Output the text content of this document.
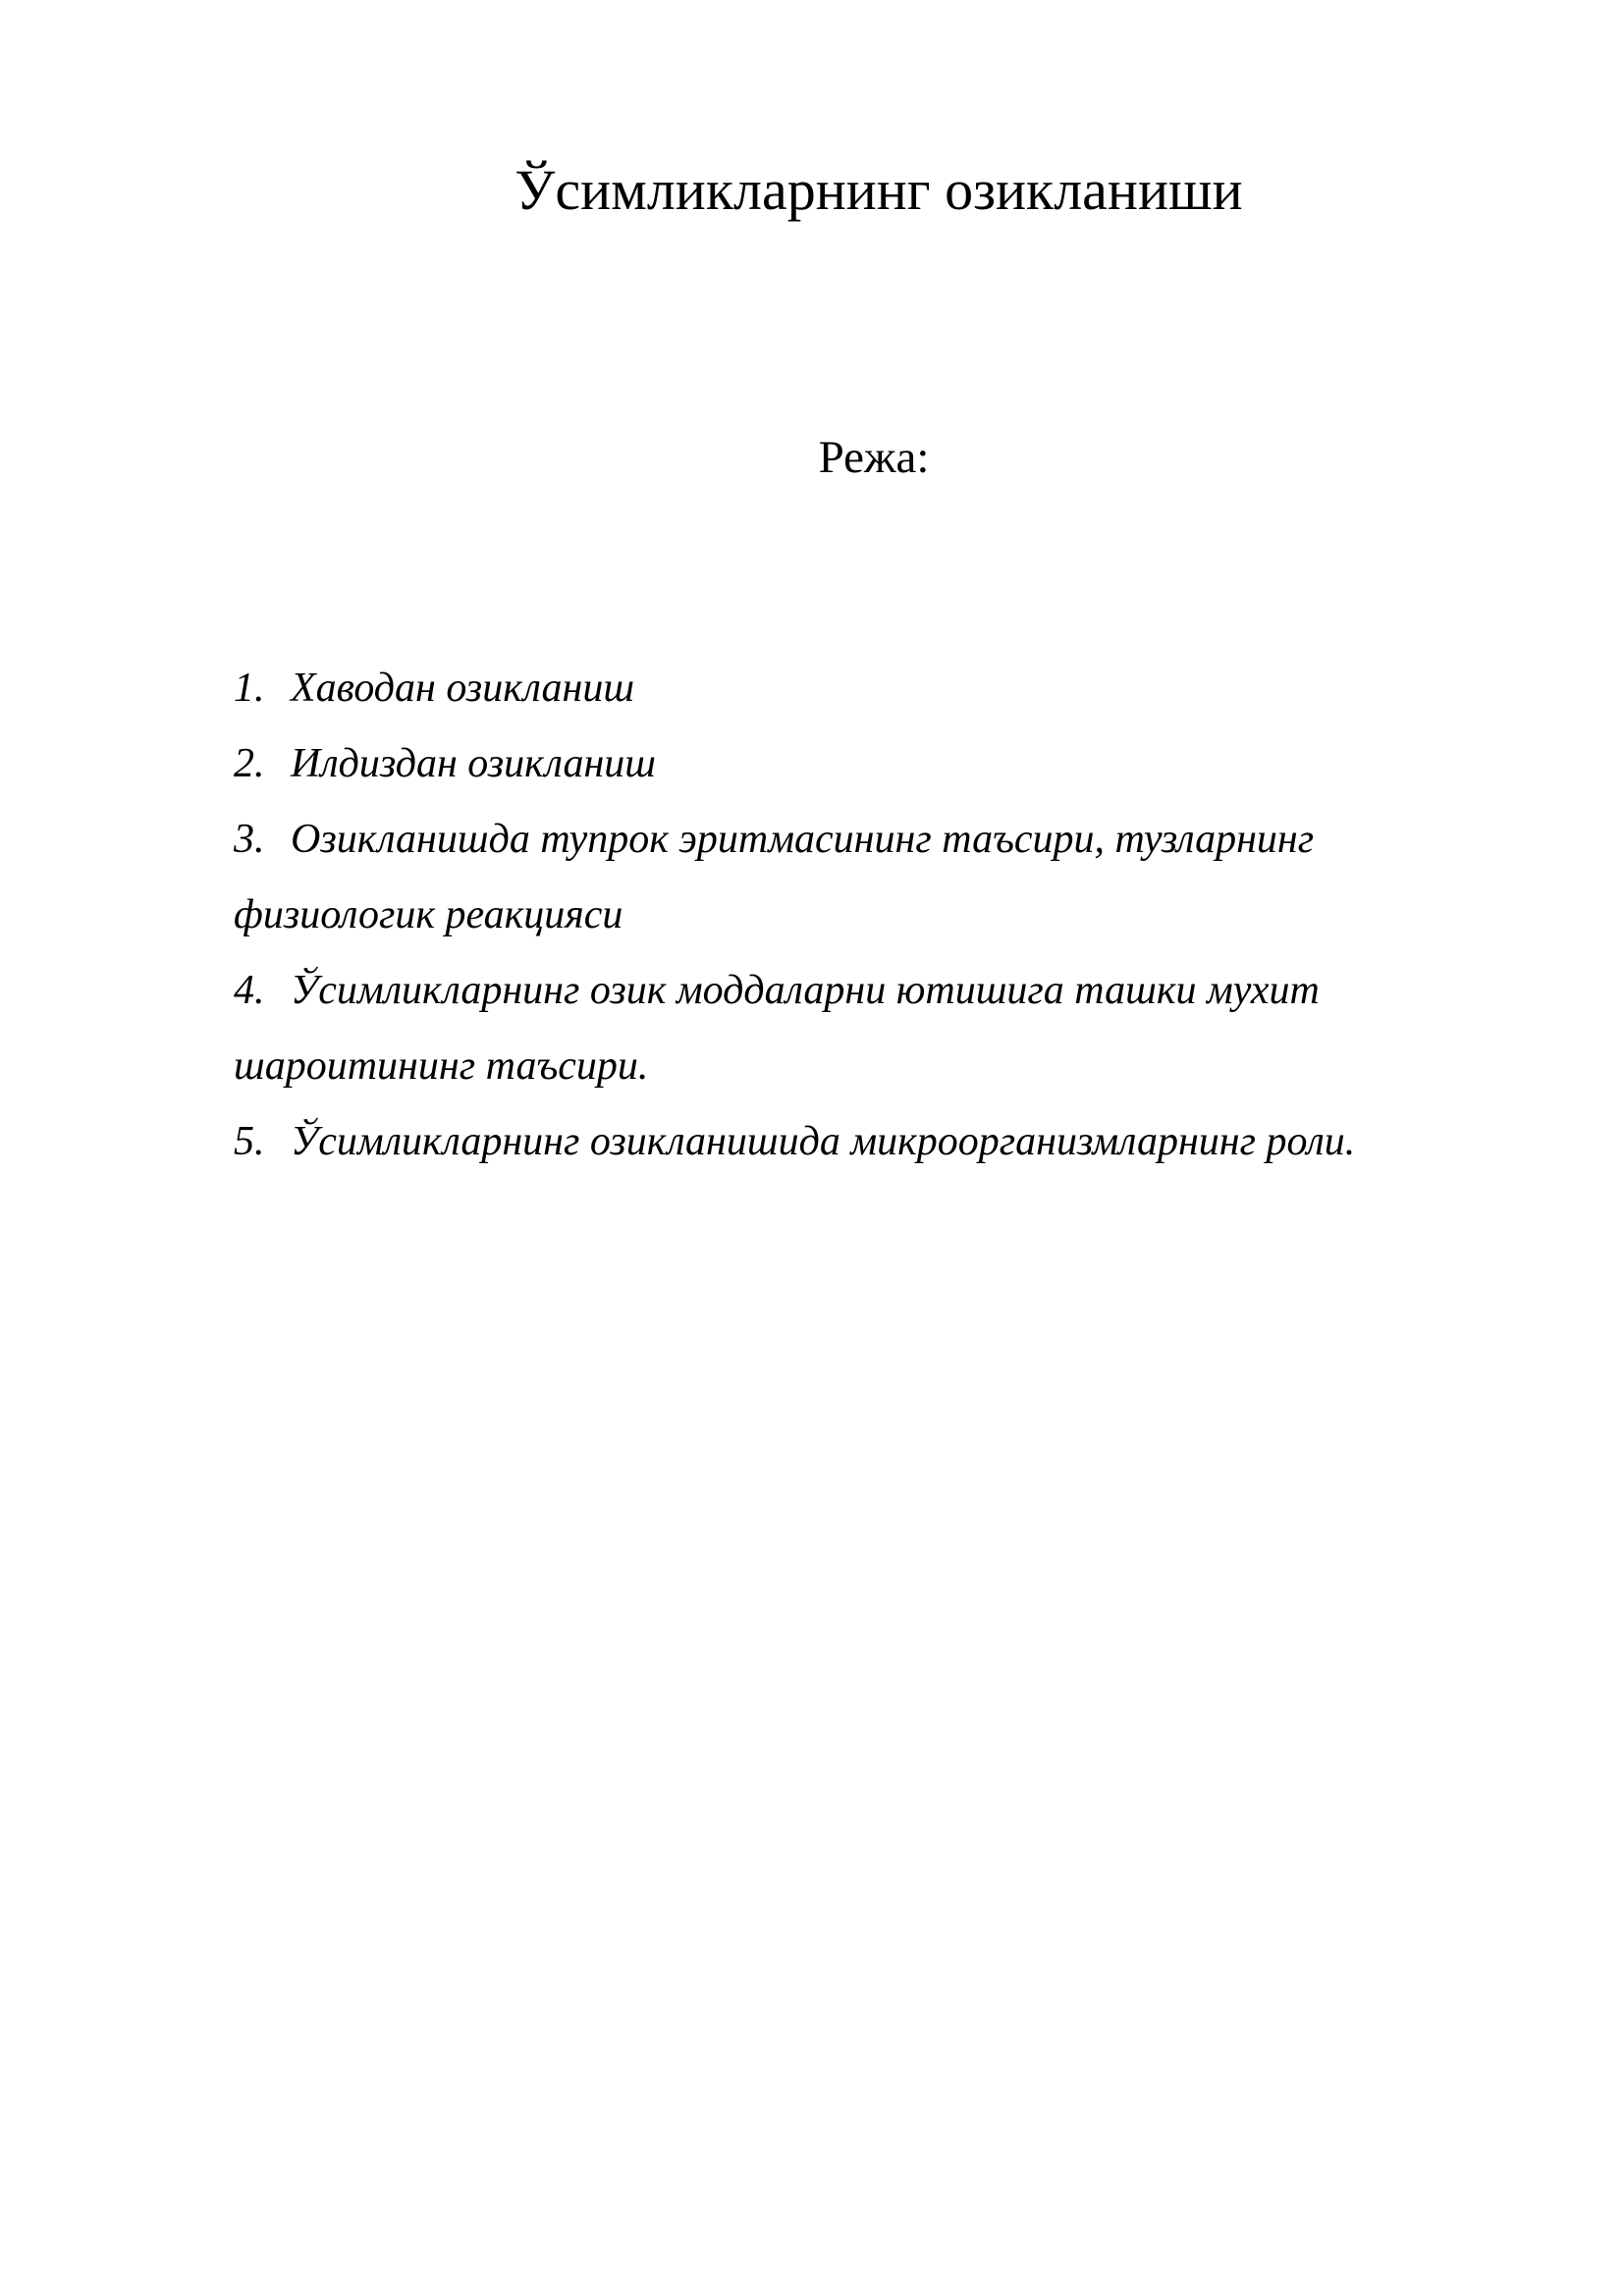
Ўсимликларнинг озикланиши

Режа:

1. Хаводан озикланиш

2. Илдиздан озикланиш

3. Озикланишда тупрок эритмасининг таъсири, тузларнинг физиологик реакцияси

4. Ўсимликларнинг озик моддаларни ютишига ташки мухит шароитининг таъсири.

5. Ўсимликларнинг озикланишида микроорганизмларнинг роли.
